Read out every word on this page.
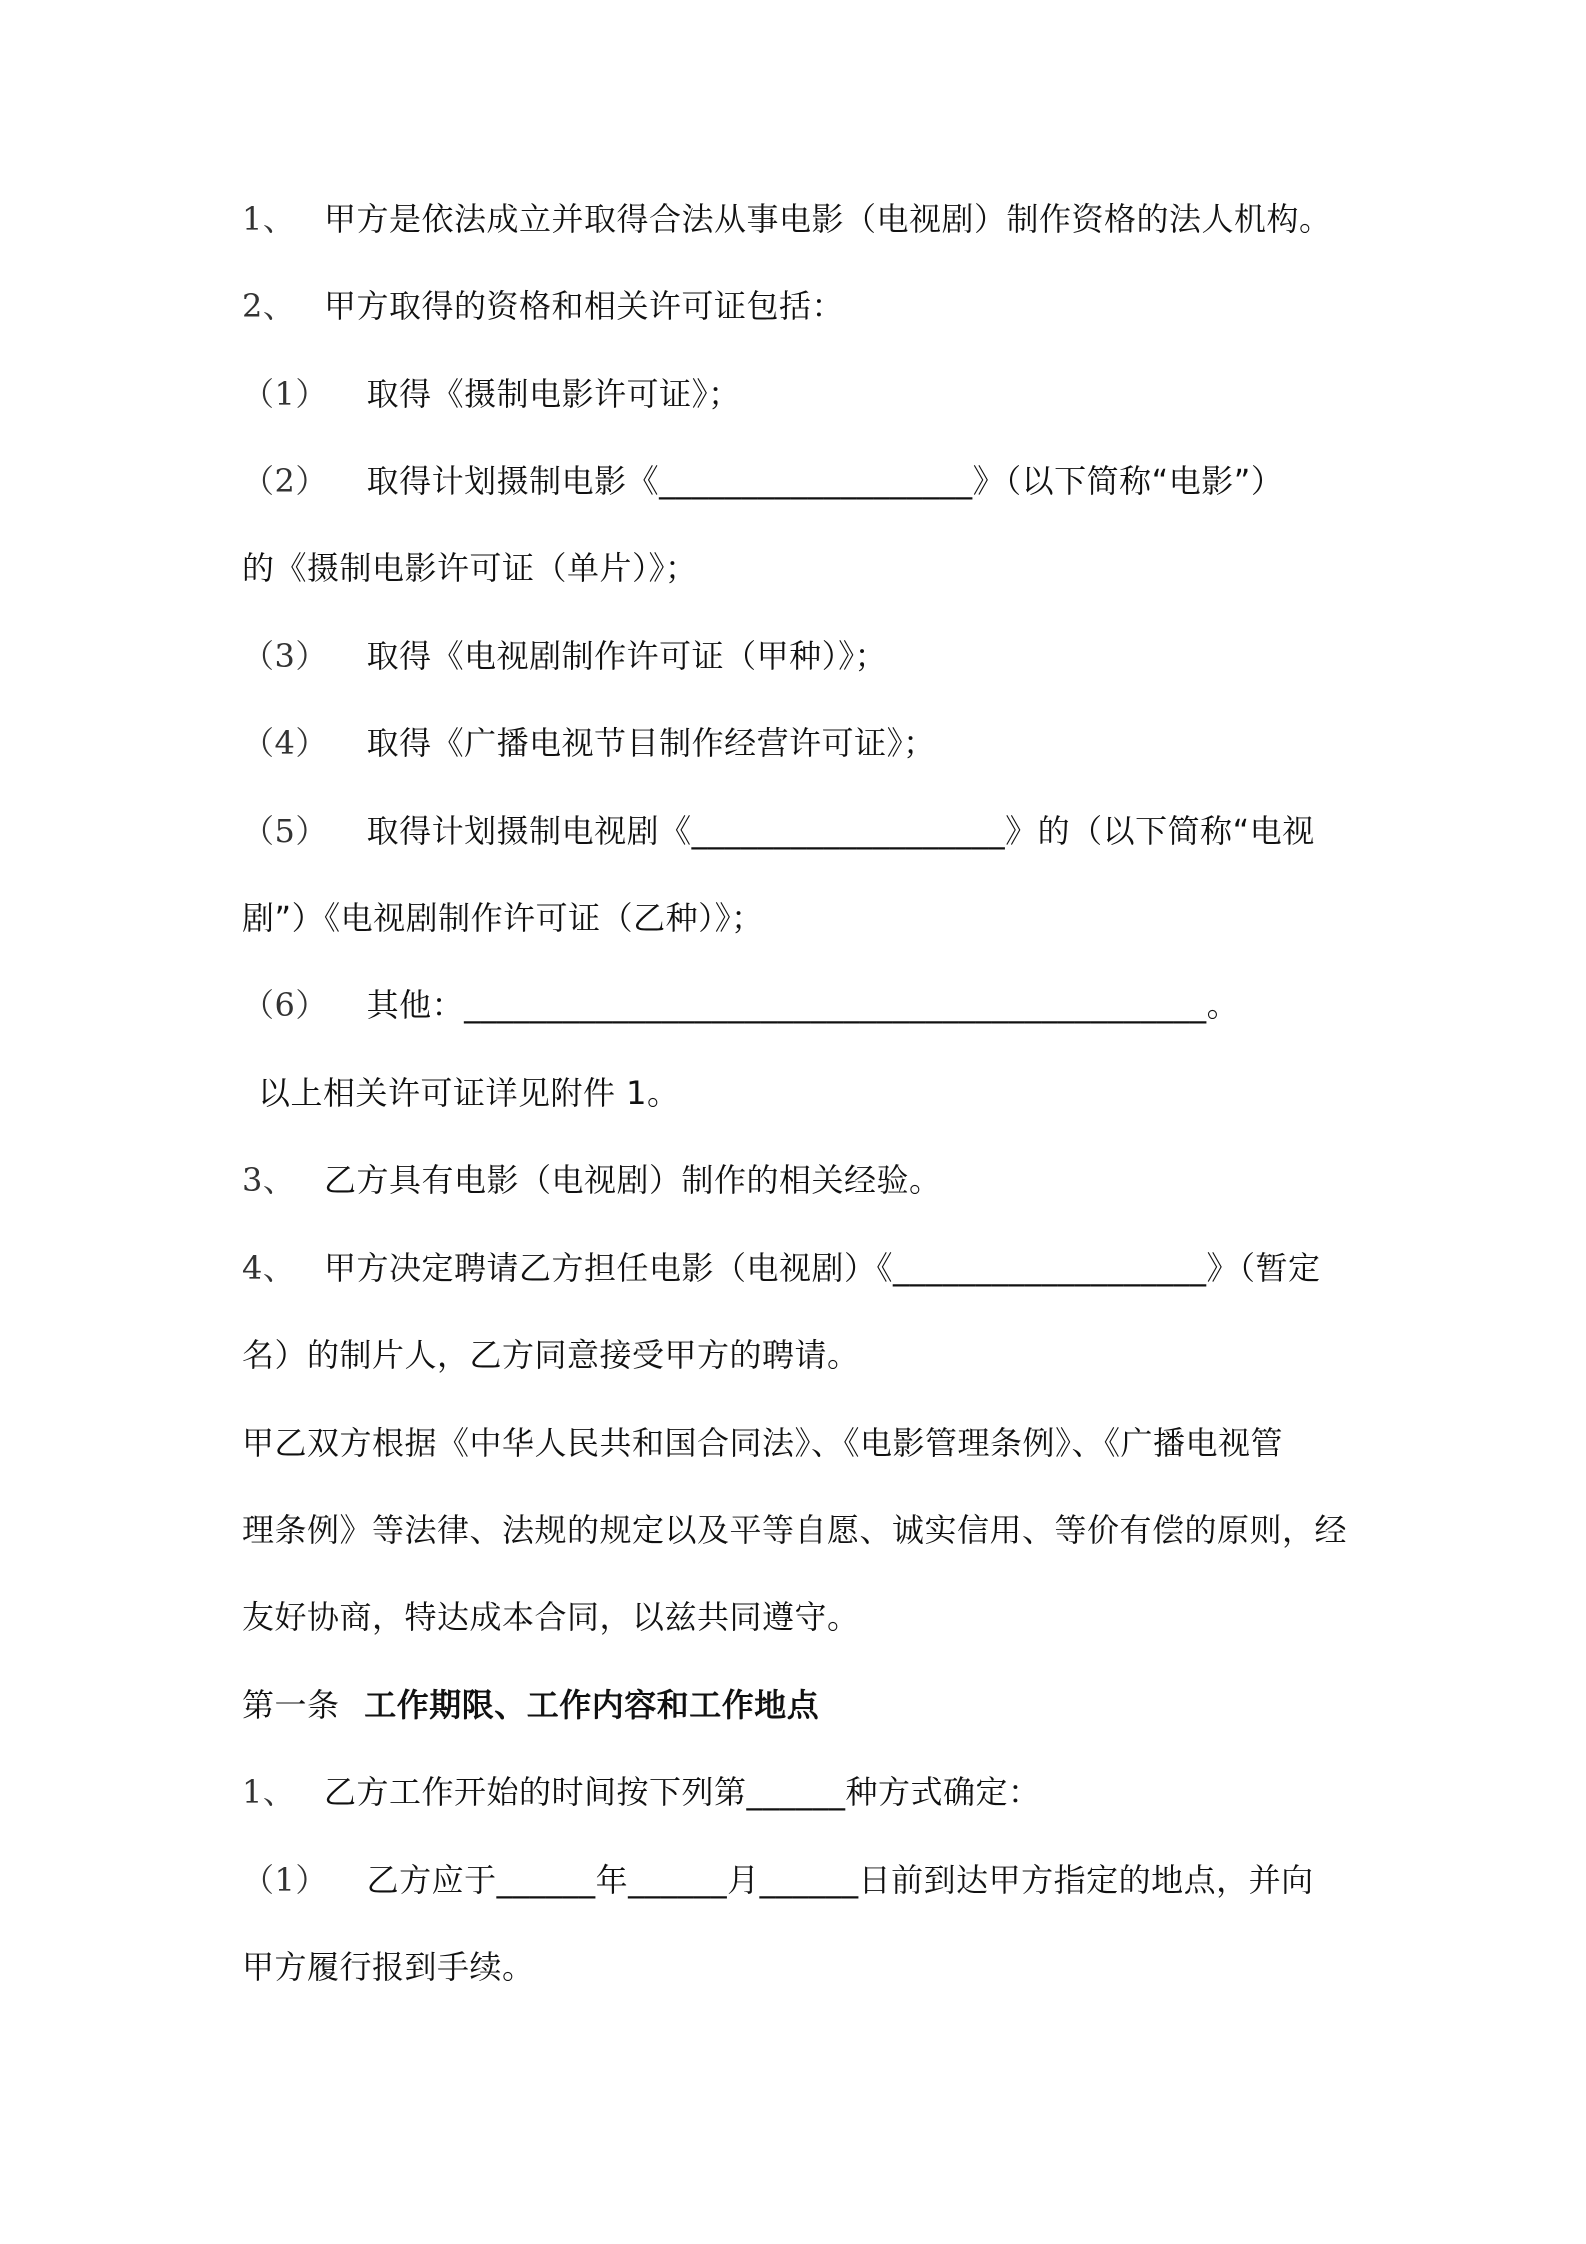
1、 甲方是依法成立并取得合法从事电影（电视剧）制作资格的法人机构。
2、 甲方取得的资格和相关许可证包括：
（1） 取得《摄制电影许可证》；
（2） 取得计划摄制电影《___________________》（以下简称“电影”）
的《摄制电影许可证（单片）》；
（3） 取得《电视剧制作许可证（甲种）》；
（4） 取得《广播电视节目制作经营许可证》；
（5） 取得计划摄制电视剧《___________________》的（以下简称“电视
剧”）《电视剧制作许可证（乙种）》；
（6） 其他：_____________________________________________。
以上相关许可证详见附件 1。
3、 乙方具有电影（电视剧）制作的相关经验。
4、 甲方决定聘请乙方担任电影（电视剧）《___________________》（暂定
名）的制片人，乙方同意接受甲方的聘请。
甲乙双方根据《中华人民共和国合同法》、《电影管理条例》、《广播电视管
理条例》等法律、法规的规定以及平等自愿、诚实信用、等价有偿的原则，经
友好协商，特达成本合同，以兹共同遵守。
第一条 工作期限、工作内容和工作地点
1、 乙方工作开始的时间按下列第______种方式确定：
（1） 乙方应于______年______月______日前到达甲方指定的地点，并向
甲方履行报到手续。
